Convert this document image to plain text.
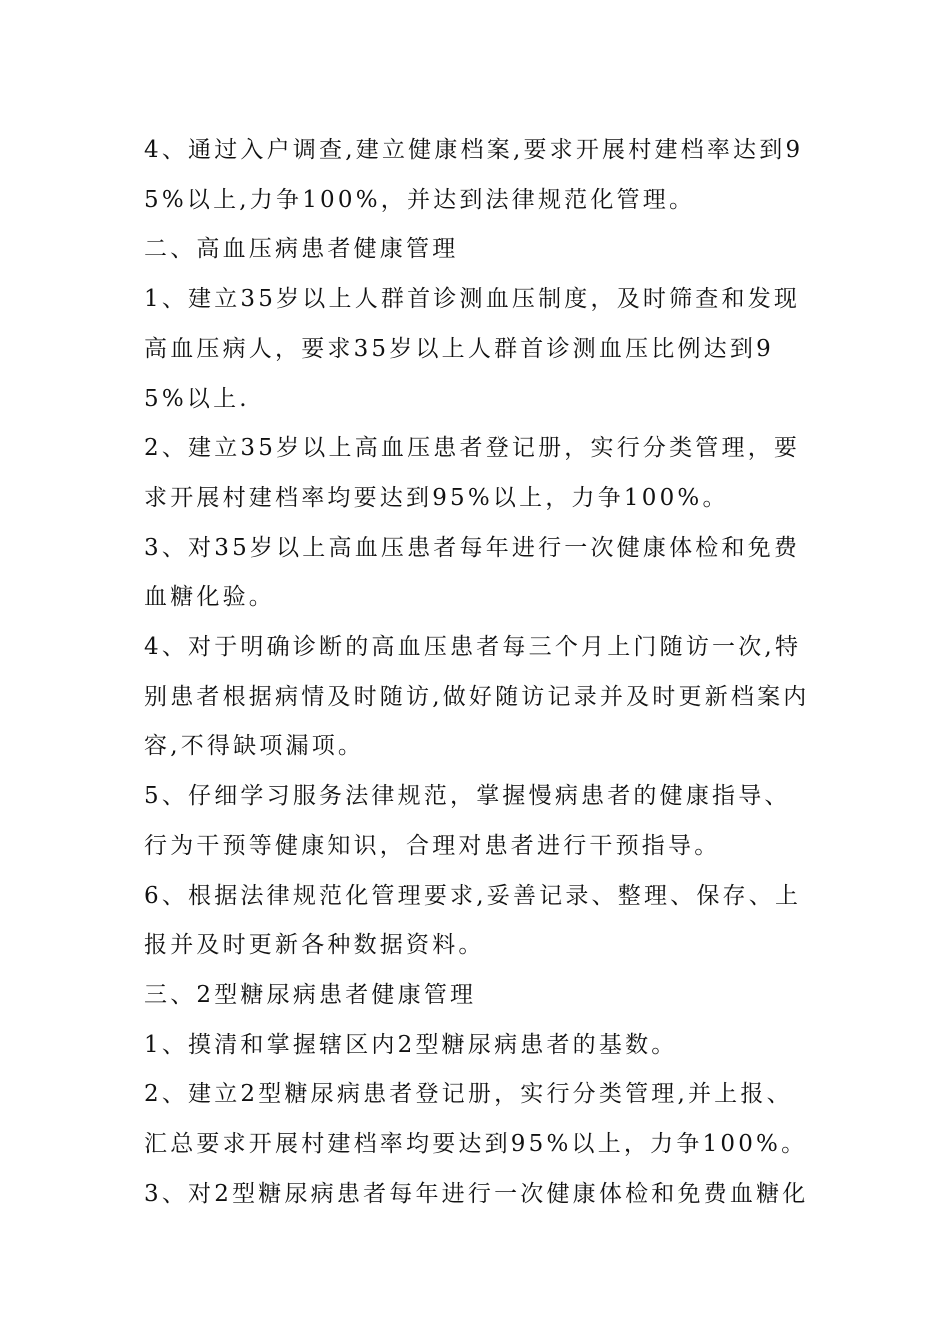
4、通过入户调查,建立健康档案,要求开展村建档率达到95%以上,力争100%，并达到法律规范化管理。

二、高血压病患者健康管理

1、建立35岁以上人群首诊测血压制度，及时筛查和发现高血压病人，要求35岁以上人群首诊测血压比例达到95%以上.

2、建立35岁以上高血压患者登记册，实行分类管理，要求开展村建档率均要达到95%以上，力争100%。

3、对35岁以上高血压患者每年进行一次健康体检和免费血糖化验。

4、对于明确诊断的高血压患者每三个月上门随访一次,特别患者根据病情及时随访,做好随访记录并及时更新档案内容,不得缺项漏项。

5、仔细学习服务法律规范，掌握慢病患者的健康指导、行为干预等健康知识，合理对患者进行干预指导。

6、根据法律规范化管理要求,妥善记录、整理、保存、上报并及时更新各种数据资料。

三、2型糖尿病患者健康管理

1、摸清和掌握辖区内2型糖尿病患者的基数。

2、建立2型糖尿病患者登记册，实行分类管理,并上报、汇总要求开展村建档率均要达到95%以上，力争100%。

3、对2型糖尿病患者每年进行一次健康体检和免费血糖化
